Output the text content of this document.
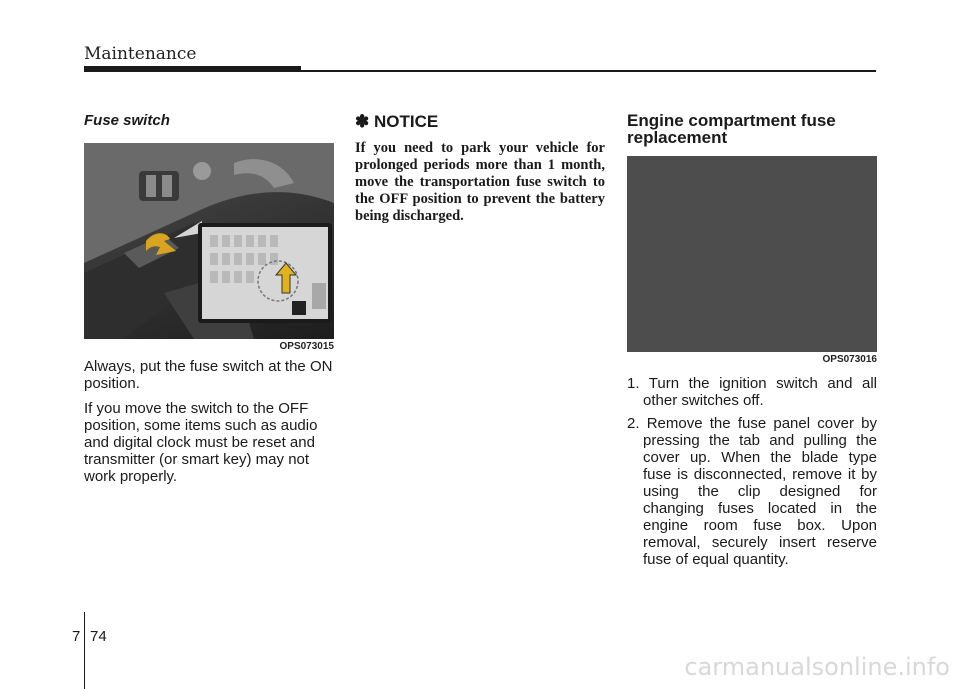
Maintenance
Fuse switch
OPS073015

Always, put the fuse switch at the ON position.

If you move the switch to the OFF position, some items such as audio and digital clock must be reset and transmitter (or smart key) may not work properly.

✽ NOTICE
If you need to park your vehicle for prolonged periods more than 1 month, move the transportation fuse switch to the OFF position to prevent the battery being discharged.
Engine compartment fuse replacement
OPS073016
1. Turn the ignition switch and all other switches off.
2. Remove the fuse panel cover by pressing the tab and pulling the cover up. When the blade type fuse is disconnected, remove it by using the clip designed for changing fuses located in the engine room fuse box. Upon removal, securely insert reserve fuse of equal quantity.
7 74
carmanualsonline.info
